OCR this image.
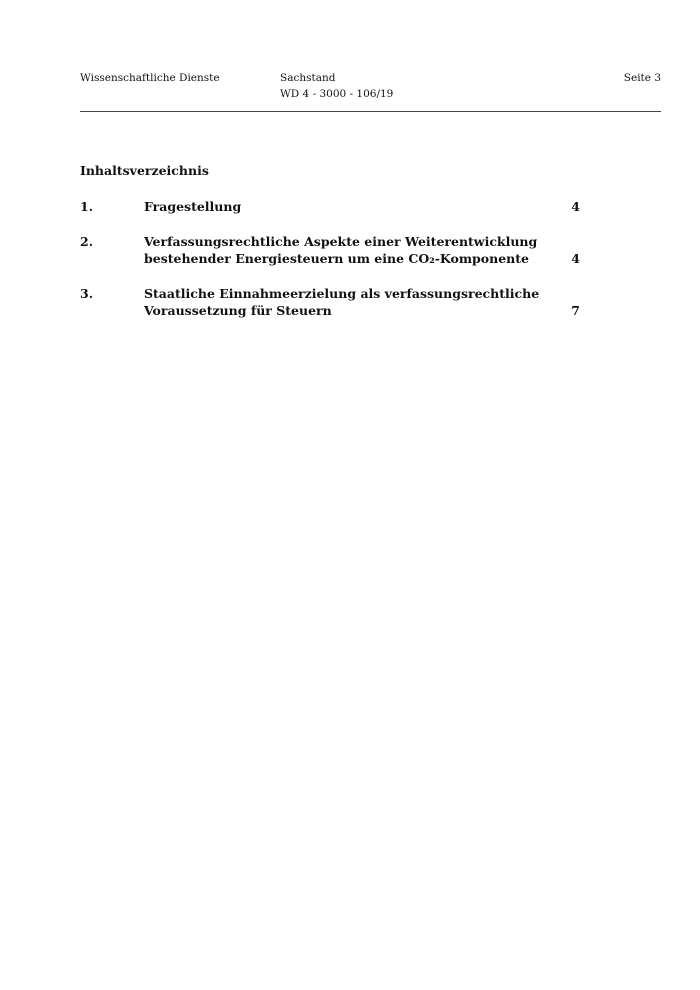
Wissenschaftliche Dienste	Sachstand
WD 4 - 3000 - 106/19
Seite 3
Inhaltsverzeichnis
1.	Fragestellung	4
2.	Verfassungsrechtliche Aspekte einer Weiterentwicklung
bestehender Energiesteuern um eine CO₂-Komponente	4
3.	Staatliche Einnahmeerzielung als verfassungsrechtliche
Voraussetzung für Steuern	7
